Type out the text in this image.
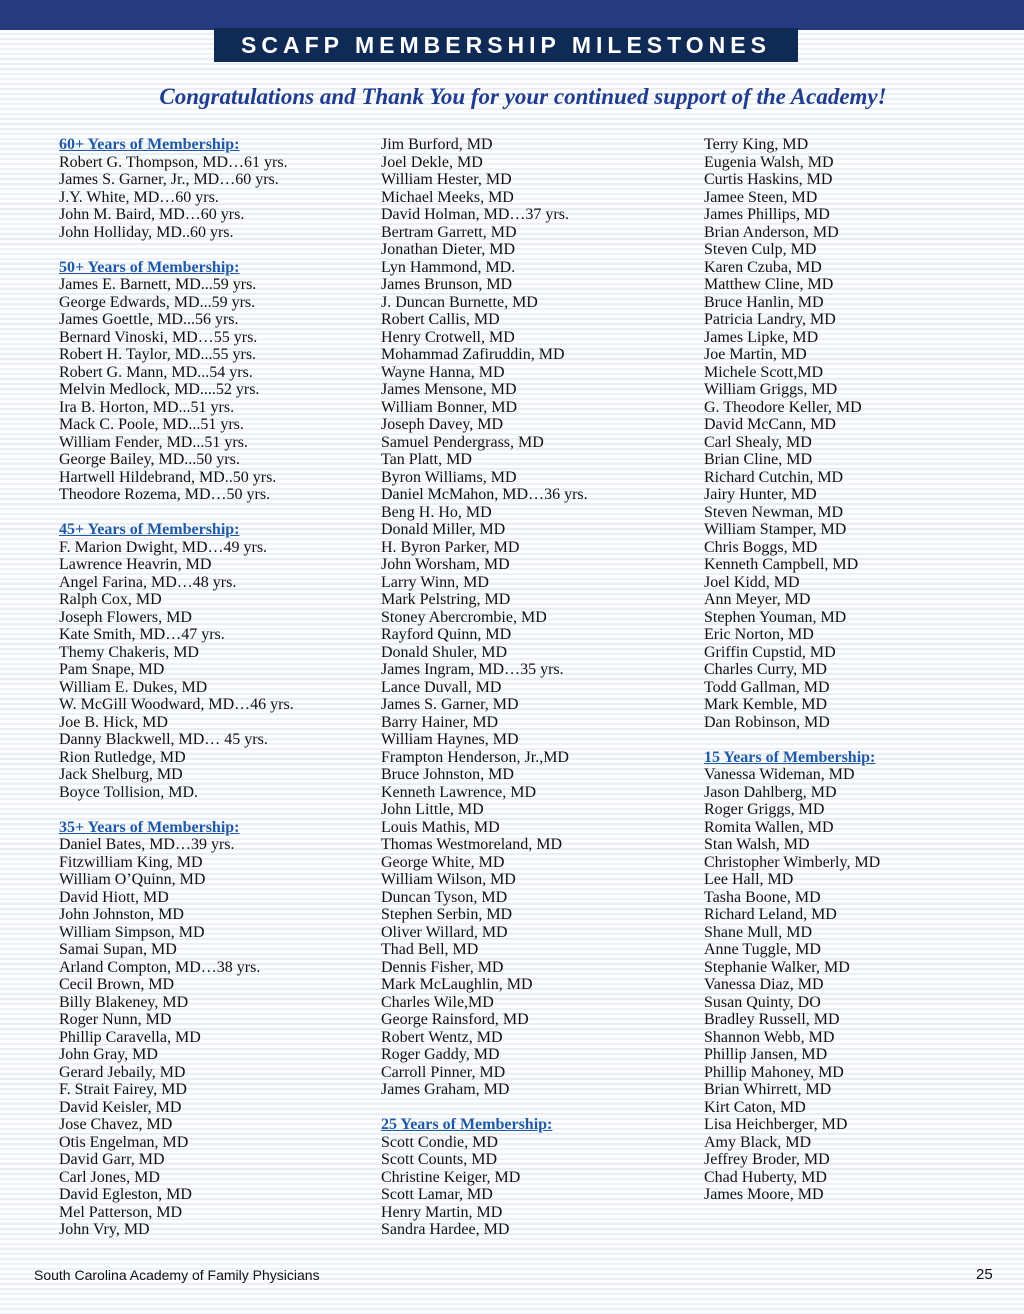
SCAFP MEMBERSHIP MILESTONES
Congratulations and Thank You for your continued support of the Academy!
60+ Years of Membership:
Robert G. Thompson, MD…61 yrs.
James S. Garner, Jr., MD…60 yrs.
J.Y. White, MD…60 yrs.
John M. Baird, MD…60 yrs.
John Holliday, MD..60 yrs.
50+ Years of Membership:
James E. Barnett, MD...59 yrs.
George Edwards, MD...59 yrs.
James Goettle, MD...56 yrs.
Bernard Vinoski, MD…55 yrs.
Robert H. Taylor, MD...55 yrs.
Robert G. Mann, MD...54 yrs.
Melvin Medlock, MD....52 yrs.
Ira B. Horton, MD...51 yrs.
Mack C. Poole, MD...51 yrs.
William Fender, MD...51 yrs.
George Bailey, MD...50 yrs.
Hartwell Hildebrand, MD..50 yrs.
Theodore Rozema, MD…50 yrs.
45+ Years of Membership:
F. Marion Dwight, MD…49 yrs.
Lawrence Heavrin, MD
Angel Farina, MD…48 yrs.
Ralph Cox, MD
Joseph Flowers, MD
Kate Smith, MD…47 yrs.
Themy Chakeris, MD
Pam Snape, MD
William E. Dukes, MD
W. McGill Woodward, MD…46 yrs.
Joe B. Hick, MD
Danny Blackwell, MD… 45 yrs.
Rion Rutledge, MD
Jack Shelburg, MD
Boyce Tollision, MD.
35+ Years of Membership:
Daniel Bates, MD…39 yrs.
Fitzwilliam King, MD
William O’Quinn, MD
David Hiott, MD
John Johnston, MD
William Simpson, MD
Samai Supan, MD
Arland Compton, MD…38 yrs.
Cecil Brown, MD
Billy Blakeney, MD
Roger Nunn, MD
Phillip Caravella, MD
John Gray, MD
Gerard Jebaily, MD
F. Strait Fairey, MD
David Keisler, MD
Jose Chavez, MD
Otis Engelman, MD
David Garr, MD
Carl Jones, MD
David Egleston, MD
Mel Patterson, MD
John Vry, MD
Jim Burford, MD
Joel Dekle, MD
William Hester, MD
Michael Meeks, MD
David Holman, MD…37 yrs.
Bertram Garrett, MD
Jonathan Dieter, MD
Lyn Hammond, MD.
James Brunson, MD
J. Duncan Burnette, MD
Robert Callis, MD
Henry Crotwell, MD
Mohammad Zafiruddin, MD
Wayne Hanna, MD
James Mensone, MD
William Bonner, MD
Joseph Davey, MD
Samuel Pendergrass, MD
Tan Platt, MD
Byron Williams, MD
Daniel McMahon, MD…36 yrs.
Beng H. Ho, MD
Donald Miller, MD
H. Byron Parker, MD
John Worsham, MD
Larry Winn, MD
Mark Pelstring, MD
Stoney Abercrombie, MD
Rayford Quinn, MD
Donald Shuler, MD
James Ingram, MD…35 yrs.
Lance Duvall, MD
James S. Garner, MD
Barry Hainer, MD
William Haynes, MD
Frampton Henderson, Jr.,MD
Bruce Johnston, MD
Kenneth Lawrence, MD
John Little, MD
Louis Mathis, MD
Thomas Westmoreland, MD
George White, MD
William Wilson, MD
Duncan Tyson, MD
Stephen Serbin, MD
Oliver Willard, MD
Thad Bell, MD
Dennis Fisher, MD
Mark McLaughlin, MD
Charles Wile,MD
George Rainsford, MD
Robert Wentz, MD
Roger Gaddy, MD
Carroll Pinner, MD
James Graham, MD
25 Years of Membership:
Scott Condie, MD
Scott Counts, MD
Christine Keiger, MD
Scott Lamar, MD
Henry Martin, MD
Sandra Hardee, MD
Terry King, MD
Eugenia Walsh, MD
Curtis Haskins, MD
Jamee Steen, MD
James Phillips, MD
Brian Anderson, MD
Steven Culp, MD
Karen Czuba, MD
Matthew Cline, MD
Bruce Hanlin, MD
Patricia Landry, MD
James Lipke, MD
Joe Martin, MD
Michele Scott,MD
William Griggs, MD
G. Theodore Keller, MD
David McCann, MD
Carl Shealy, MD
Brian Cline, MD
Richard Cutchin, MD
Jairy Hunter, MD
Steven Newman, MD
William Stamper, MD
Chris Boggs, MD
Kenneth Campbell, MD
Joel Kidd, MD
Ann Meyer, MD
Stephen Youman, MD
Eric Norton, MD
Griffin Cupstid, MD
Charles Curry, MD
Todd Gallman, MD
Mark Kemble, MD
Dan Robinson, MD
15 Years of Membership:
Vanessa Wideman, MD
Jason Dahlberg, MD
Roger Griggs, MD
Romita Wallen, MD
Stan Walsh, MD
Christopher Wimberly, MD
Lee Hall, MD
Tasha Boone, MD
Richard Leland, MD
Shane Mull, MD
Anne Tuggle, MD
Stephanie Walker, MD
Vanessa Diaz, MD
Susan Quinty, DO
Bradley Russell, MD
Shannon Webb, MD
Phillip Jansen, MD
Phillip Mahoney, MD
Brian Whirrett, MD
Kirt Caton, MD
Lisa Heichberger, MD
Amy Black, MD
Jeffrey Broder, MD
Chad Huberty, MD
James Moore, MD
South Carolina Academy of Family Physicians	25
